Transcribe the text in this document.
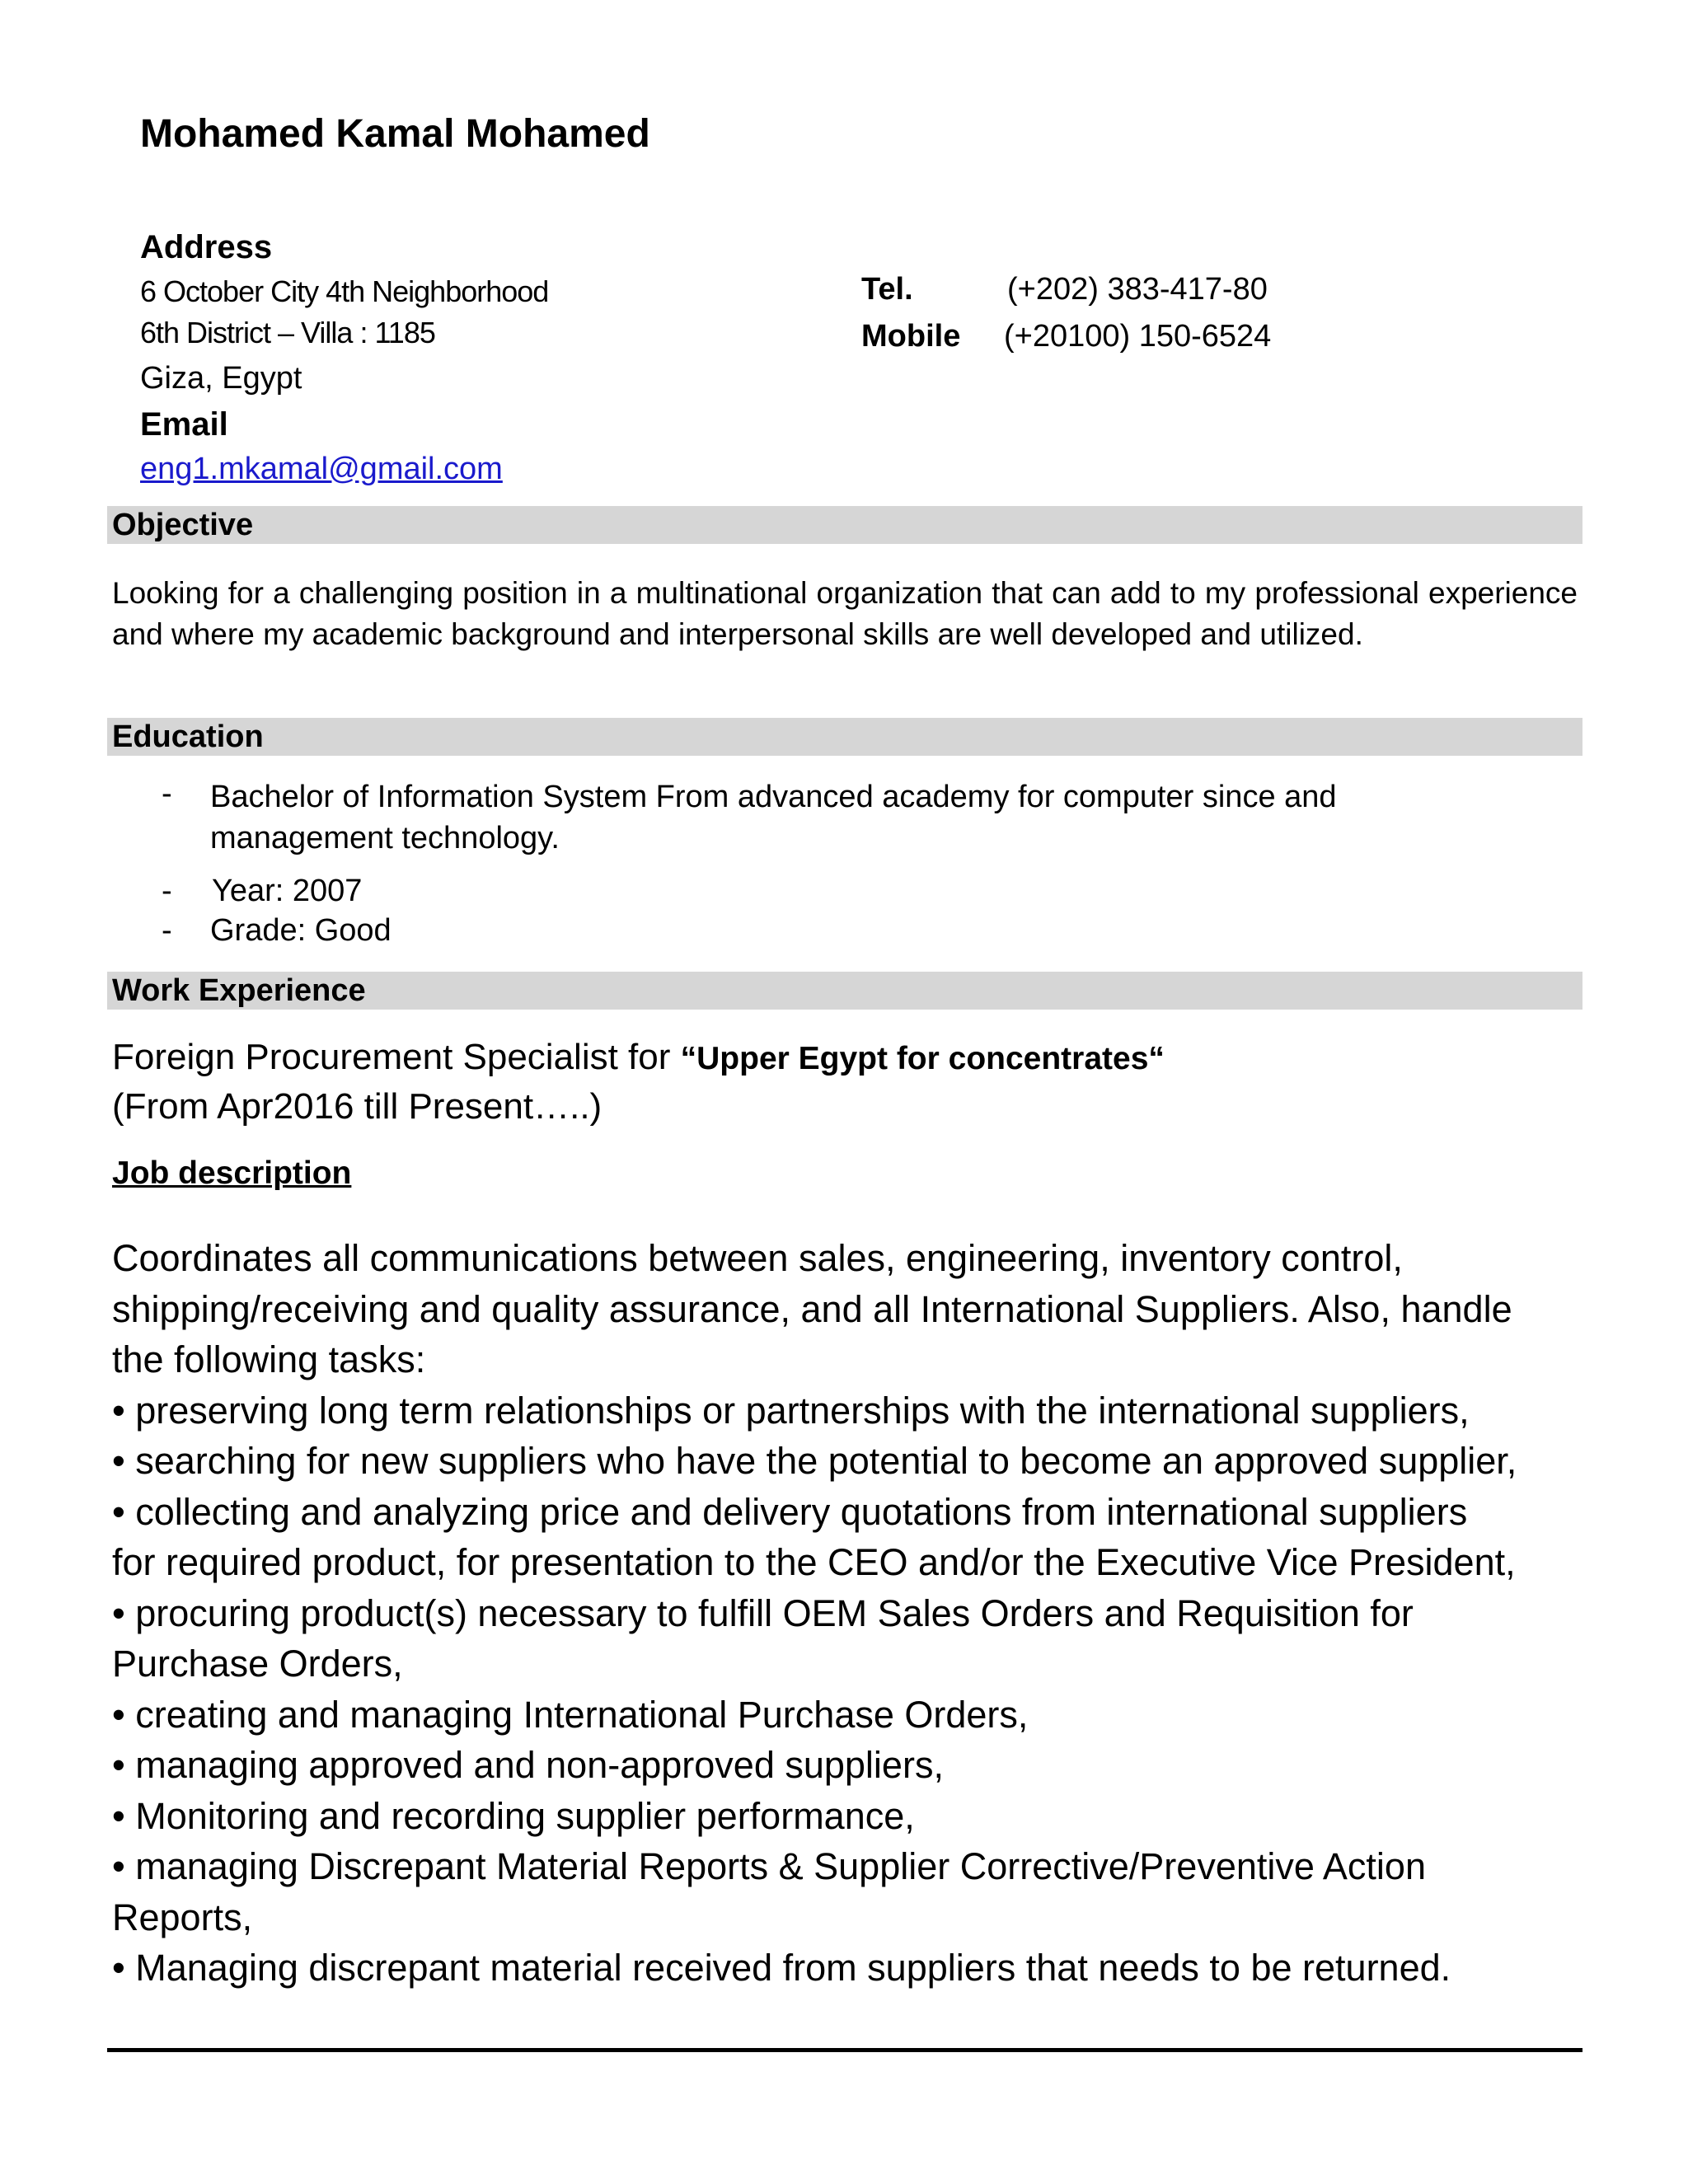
Mohamed Kamal Mohamed
Address
6 October City 4th Neighborhood
6th District – Villa : 1185
Giza, Egypt
Email
eng1.mkamal@gmail.com
Tel.	(+202) 383-417-80
Mobile (+20100) 150-6524
Objective
Looking for a challenging position in a multinational organization that can add to my professional experience and where my academic background and interpersonal skills are well developed and utilized.
Education
- Bachelor of Information System From advanced academy for computer since and management technology.
- Year: 2007
- Grade: Good
Work Experience
Foreign Procurement Specialist for “Upper Egypt for concentrates“
(From Apr2016 till Present…..)
Job description
Coordinates all communications between sales, engineering, inventory control,
shipping/receiving and quality assurance, and all International Suppliers. Also, handle
the following tasks:
• preserving long term relationships or partnerships with the international suppliers,
• searching for new suppliers who have the potential to become an approved supplier,
• collecting and analyzing price and delivery quotations from international suppliers
for required product, for presentation to the CEO and/or the Executive Vice President,
• procuring product(s) necessary to fulfill OEM Sales Orders and Requisition for
Purchase Orders,
• creating and managing International Purchase Orders,
• managing approved and non-approved suppliers,
• Monitoring and recording supplier performance,
• managing Discrepant Material Reports & Supplier Corrective/Preventive Action
Reports,
• Managing discrepant material received from suppliers that needs to be returned.
